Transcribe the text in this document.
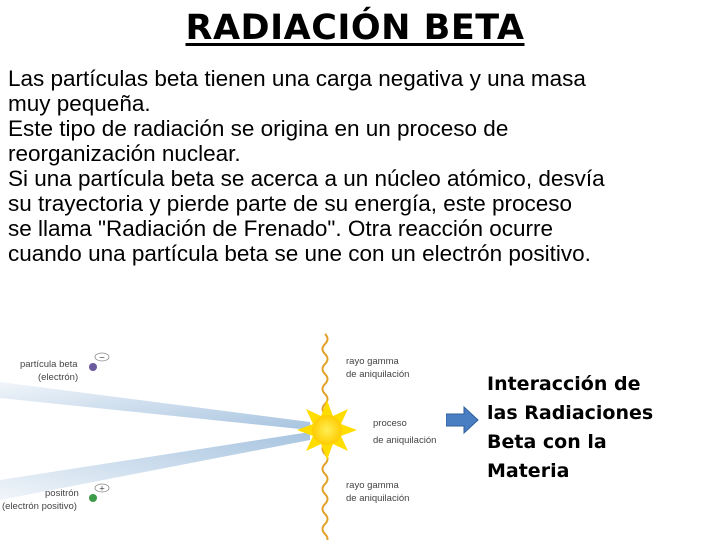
RADIACIÓN BETA

Las partículas beta tienen una carga negativa y una masa

muy pequeña.

Este tipo de radiación se origina en un proceso de

reorganización nuclear.

Si una partícula beta se acerca a un núcleo atómico, desvía

su trayectoria y pierde parte de su energía, este proceso

se llama "Radiación de Frenado". Otra reacción ocurre

cuando una partícula beta se une con un electrón positivo.

−
+
partícula beta
(electrón)
positrón
(electrón positivo)
rayo gamma
de aniquilación
proceso
de aniquilación
rayo gamma
de aniquilación
Interacción de
las Radiaciones
Beta con la
Materia
